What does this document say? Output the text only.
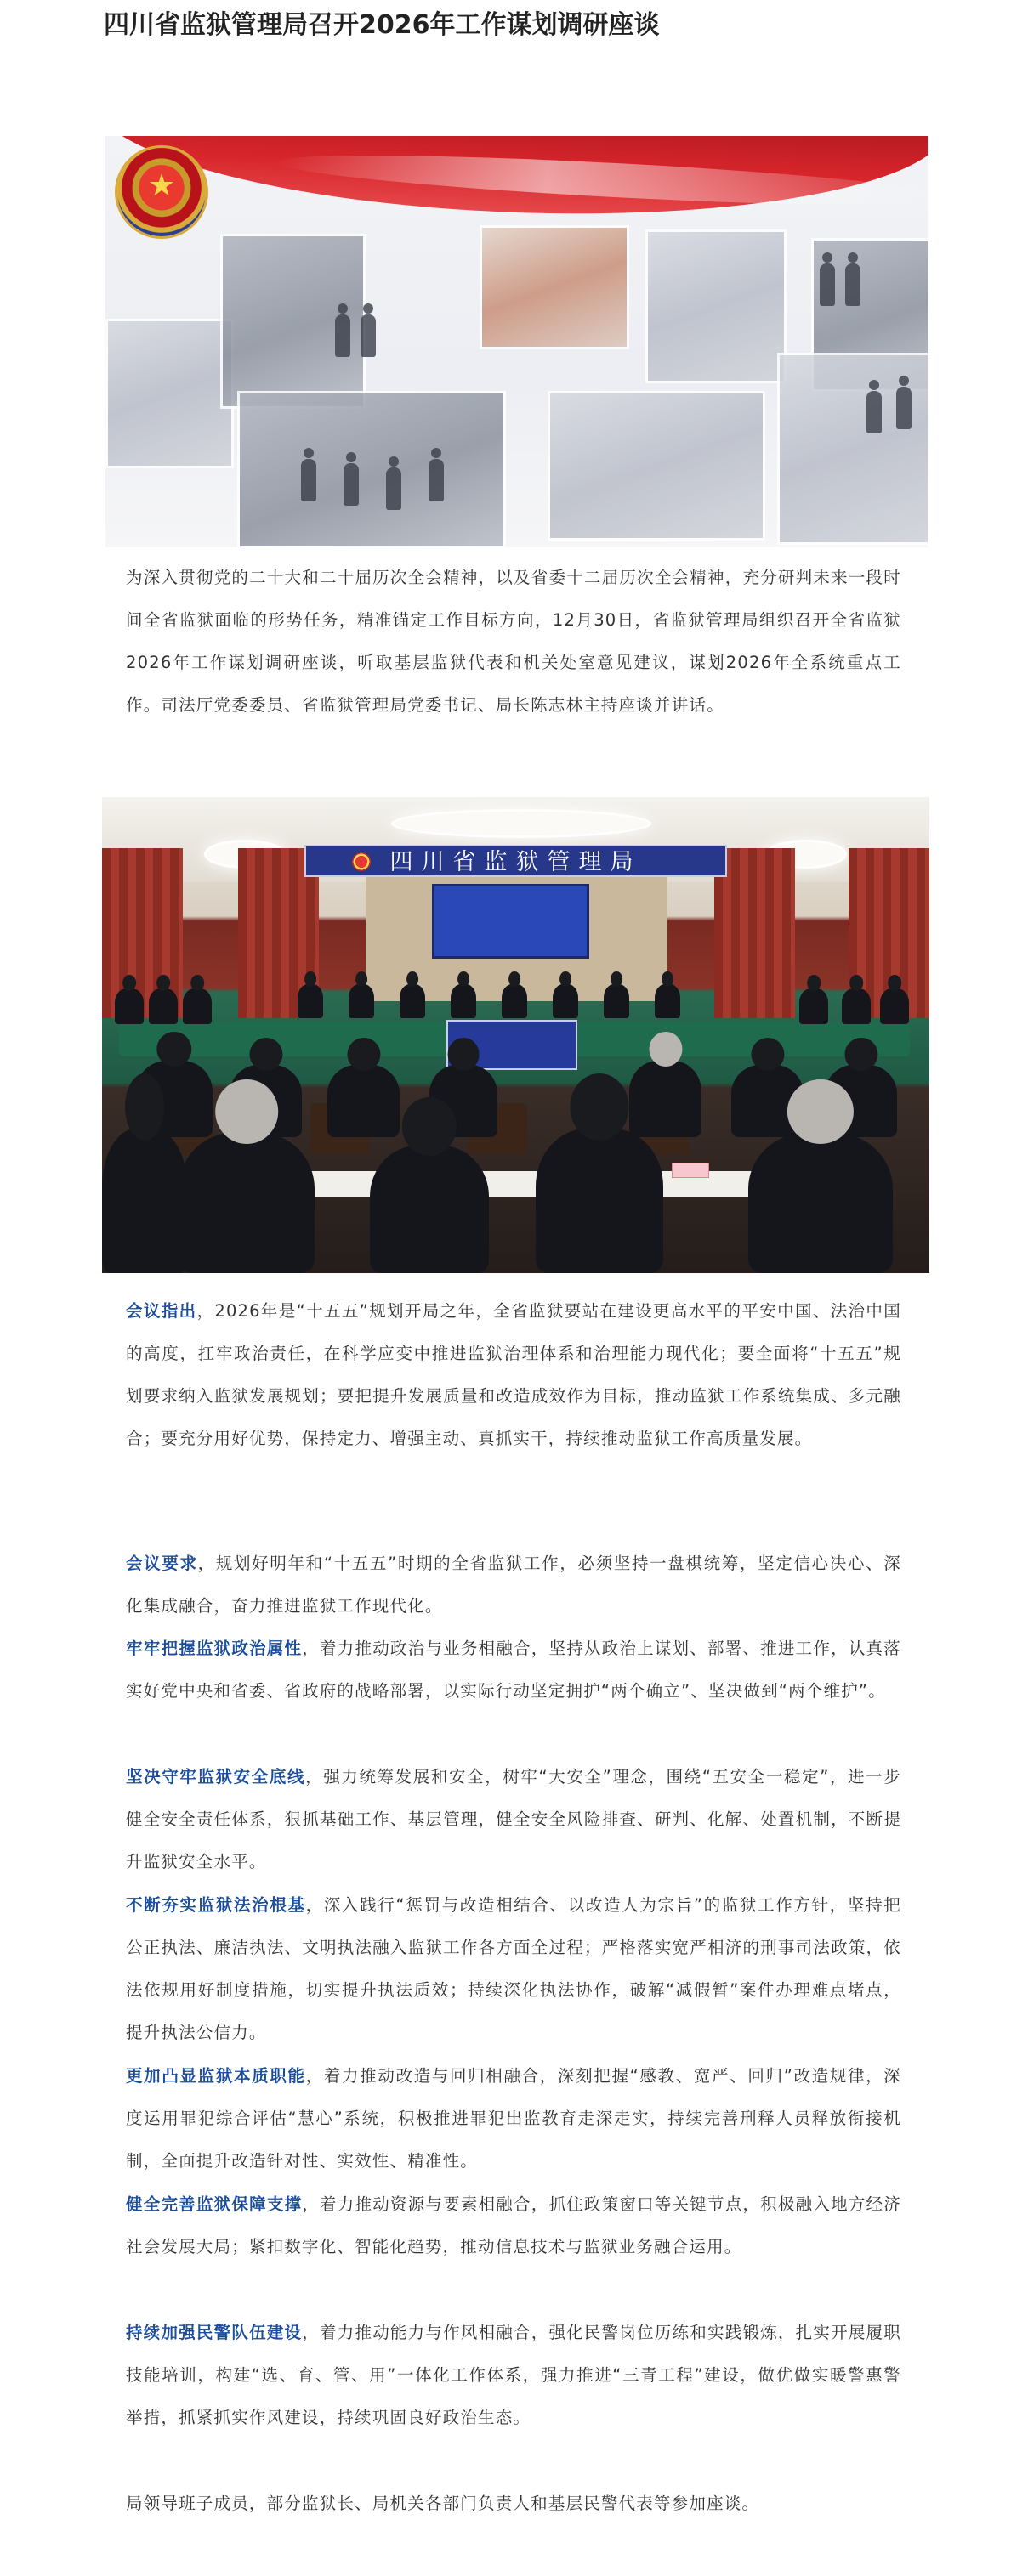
四川省监狱管理局召开2026年工作谋划调研座谈
★

为深入贯彻党的二十大和二十届历次全会精神，以及省委十二届历次全会精神，充分研判未来一段时间全省监狱面临的形势任务，精准锚定工作目标方向，12月30日，省监狱管理局组织召开全省监狱2026年工作谋划调研座谈，听取基层监狱代表和机关处室意见建议，谋划2026年全系统重点工作。司法厅党委委员、省监狱管理局党委书记、局长陈志林主持座谈并讲话。

四川省监狱管理局

会议指出，2026年是“十五五”规划开局之年，全省监狱要站在建设更高水平的平安中国、法治中国的高度，扛牢政治责任，在科学应变中推进监狱治理体系和治理能力现代化；要全面将“十五五”规划要求纳入监狱发展规划；要把提升发展质量和改造成效作为目标，推动监狱工作系统集成、多元融合；要充分用好优势，保持定力、增强主动、真抓实干，持续推动监狱工作高质量发展。

会议要求，规划好明年和“十五五”时期的全省监狱工作，必须坚持一盘棋统筹，坚定信心决心、深化集成融合，奋力推进监狱工作现代化。

牢牢把握监狱政治属性，着力推动政治与业务相融合，坚持从政治上谋划、部署、推进工作，认真落实好党中央和省委、省政府的战略部署，以实际行动坚定拥护“两个确立”、坚决做到“两个维护”。

坚决守牢监狱安全底线，强力统筹发展和安全，树牢“大安全”理念，围绕“五安全一稳定”，进一步健全安全责任体系，狠抓基础工作、基层管理，健全安全风险排查、研判、化解、处置机制，不断提升监狱安全水平。

不断夯实监狱法治根基，深入践行“惩罚与改造相结合、以改造人为宗旨”的监狱工作方针，坚持把公正执法、廉洁执法、文明执法融入监狱工作各方面全过程；严格落实宽严相济的刑事司法政策，依法依规用好制度措施，切实提升执法质效；持续深化执法协作，破解“减假暂”案件办理难点堵点，提升执法公信力。

更加凸显监狱本质职能，着力推动改造与回归相融合，深刻把握“感教、宽严、回归”改造规律，深度运用罪犯综合评估“慧心”系统，积极推进罪犯出监教育走深走实，持续完善刑释人员释放衔接机制，全面提升改造针对性、实效性、精准性。

健全完善监狱保障支撑，着力推动资源与要素相融合，抓住政策窗口等关键节点，积极融入地方经济社会发展大局；紧扣数字化、智能化趋势，推动信息技术与监狱业务融合运用。

持续加强民警队伍建设，着力推动能力与作风相融合，强化民警岗位历练和实践锻炼，扎实开展履职技能培训，构建“选、育、管、用”一体化工作体系，强力推进“三青工程”建设，做优做实暖警惠警举措，抓紧抓实作风建设，持续巩固良好政治生态。

局领导班子成员，部分监狱长、局机关各部门负责人和基层民警代表等参加座谈。
